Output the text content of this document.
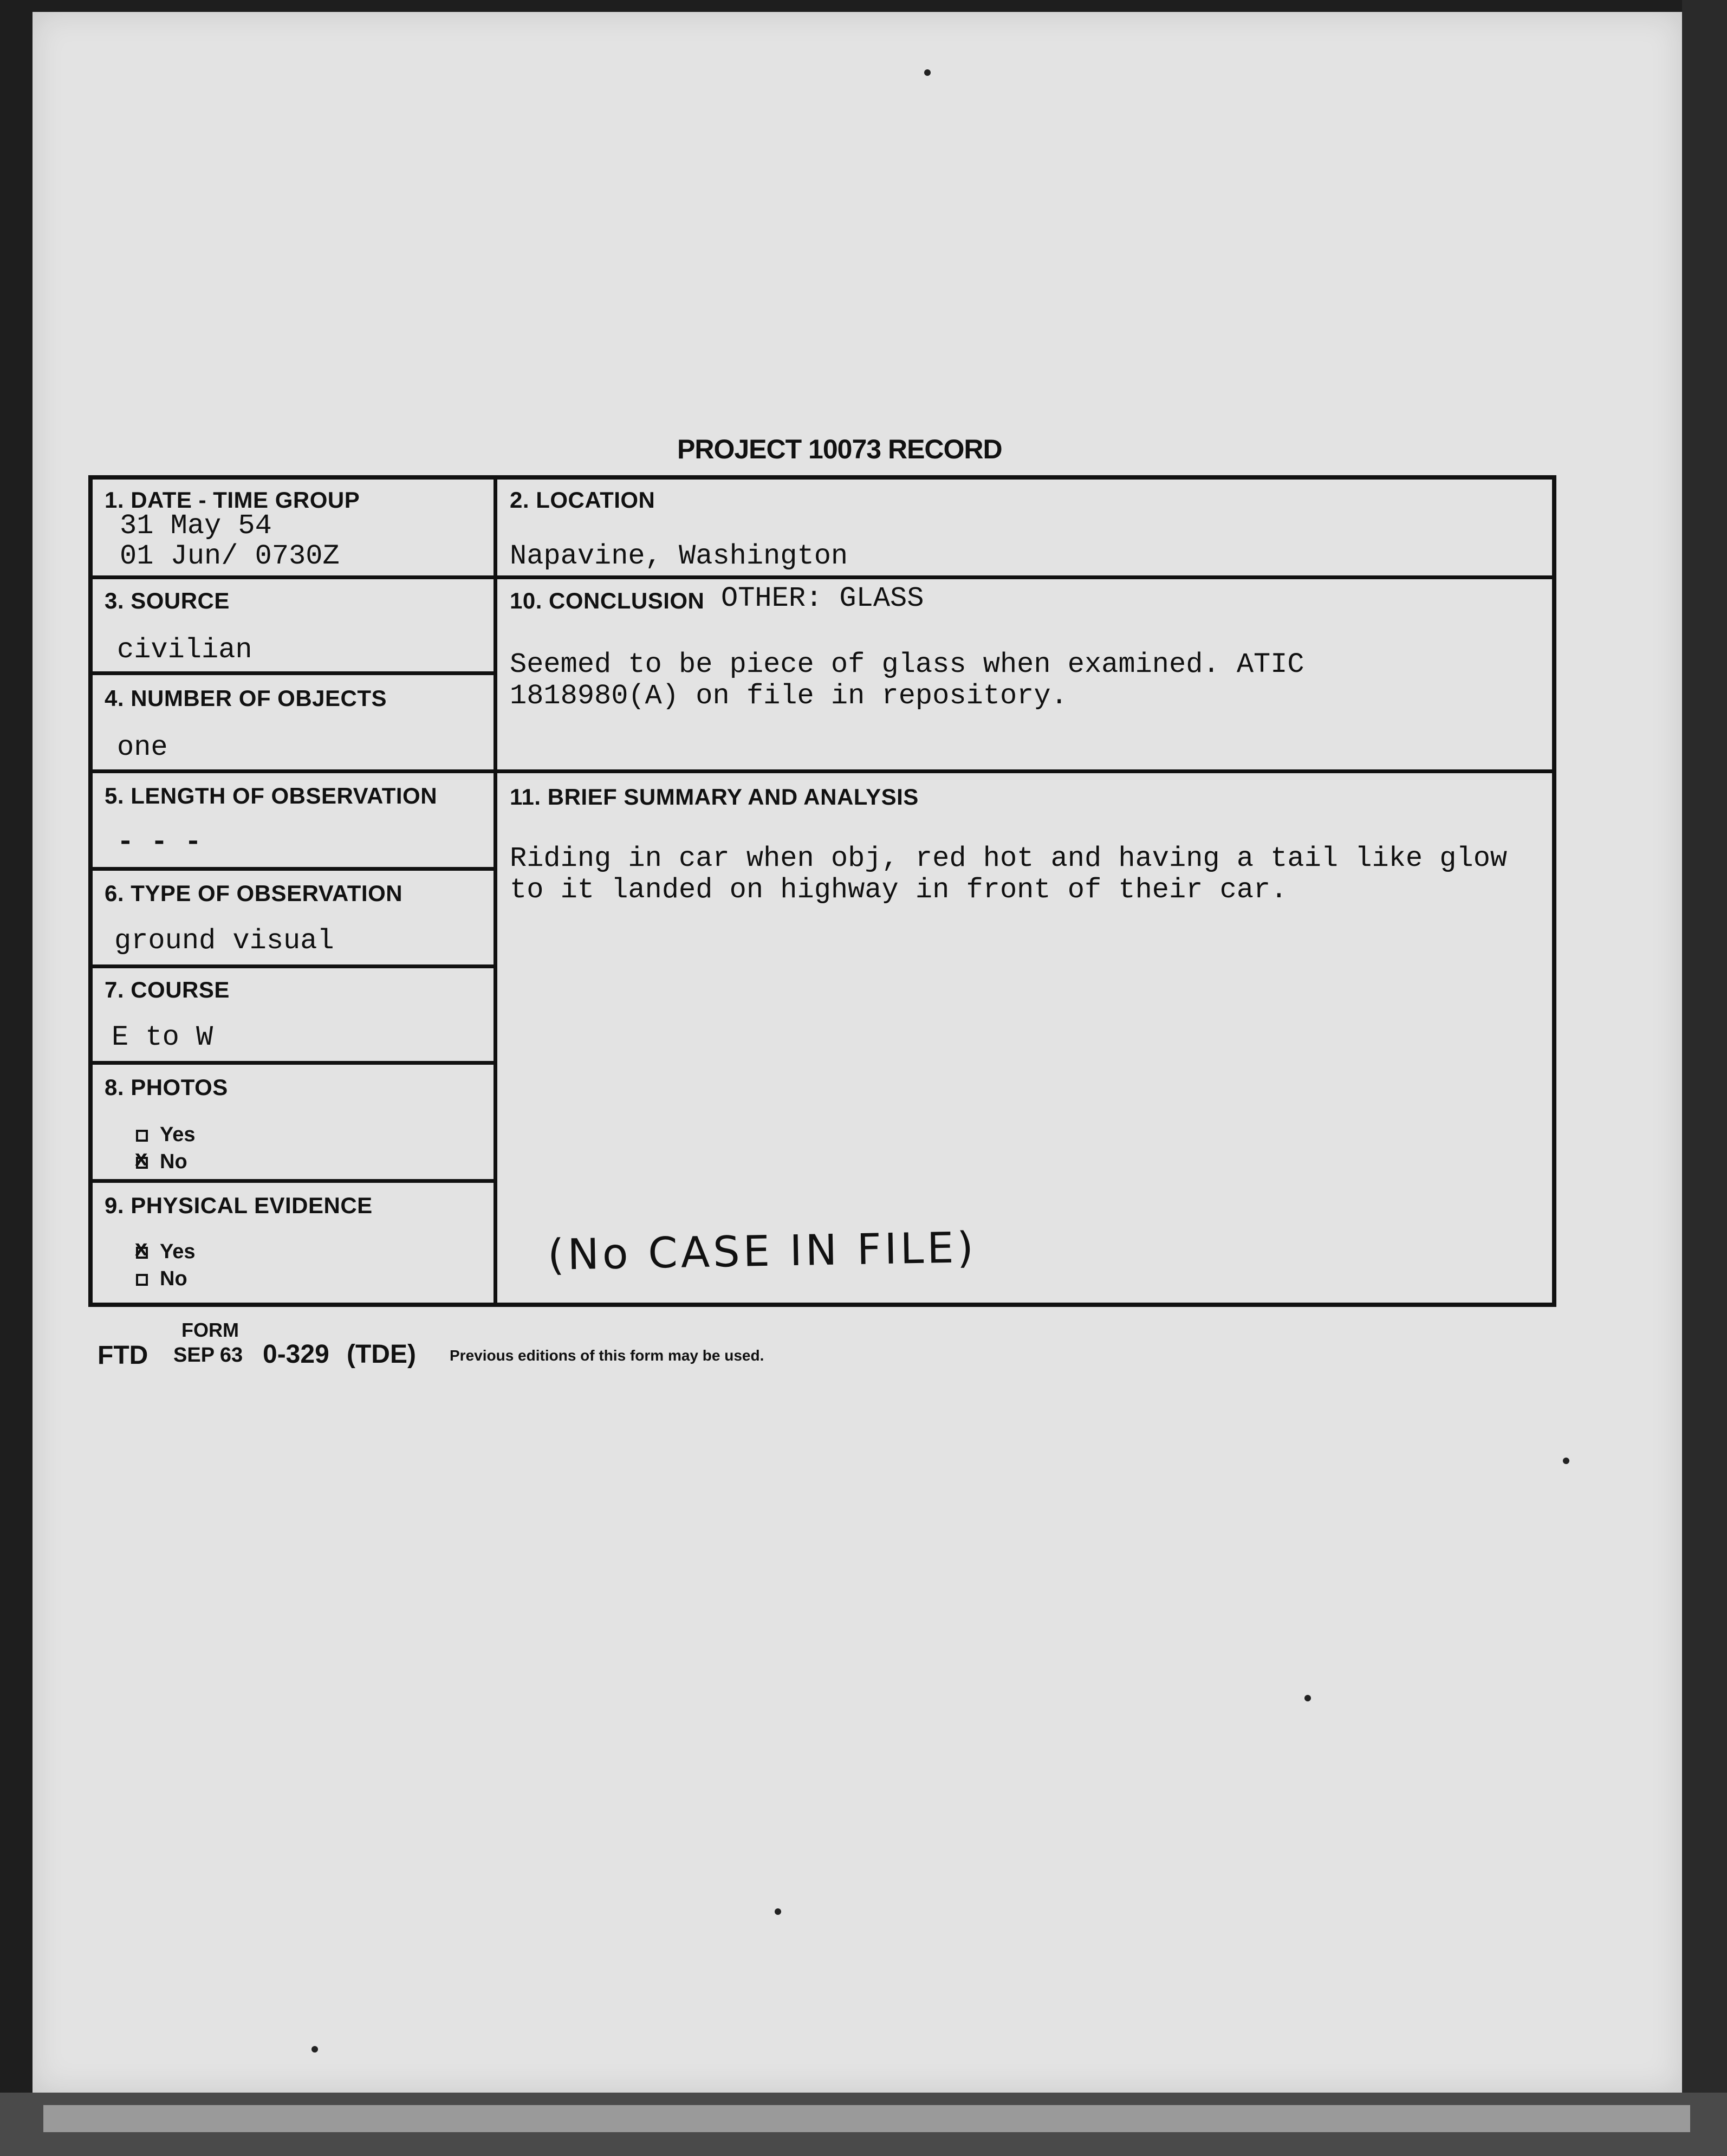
PROJECT 10073 RECORD
1. DATE - TIME GROUP
31 May 54
01 Jun/ 0730Z
2. LOCATION
Napavine, Washington
3. SOURCE
civilian
4. NUMBER OF OBJECTS
one
5. LENGTH OF OBSERVATION
- - -
6. TYPE OF OBSERVATION
ground visual
7. COURSE
E to W
8. PHOTOS
Yes
xNo
9. PHYSICAL EVIDENCE
xYes
No
10. CONCLUSION OTHER: GLASS
Seemed to be piece of glass when examined. ATIC
1818980(A) on file in repository.
11. BRIEF SUMMARY AND ANALYSIS
Riding in car when obj, red hot and having a tail like glow
to it landed on highway in front of their car.
(No CASE IN FILE)
FORM
FTD SEP 63 0-329 (TDE) Previous editions of this form may be used.
